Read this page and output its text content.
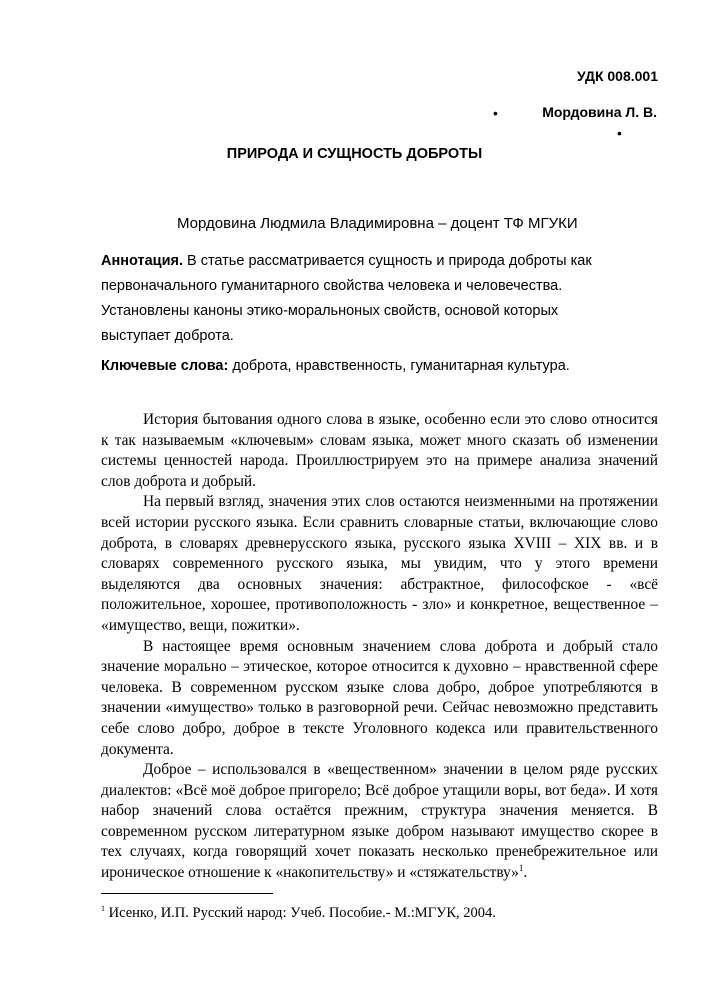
УДК 008.001
•	Мордовина Л. В.
•
ПРИРОДА И СУЩНОСТЬ ДОБРОТЫ
Мордовина Людмила Владимировна – доцент ТФ МГУКИ
Аннотация. В статье рассматривается сущность и природа доброты как первоначального гуманитарного свойства человека и человечества. Установлены каноны этико-моральноных свойств, основой которых выступает доброта.
Ключевые слова: доброта, нравственность, гуманитарная культура.

История бытования одного слова в языке, особенно если это слово относится к так называемым «ключевым» словам языка, может много сказать об изменении системы ценностей народа. Проиллюстрируем это на примере анализа значений слов доброта и добрый.

На первый взгляд, значения этих слов остаются неизменными на протяжении всей истории русского языка. Если сравнить словарные статьи, включающие слово доброта, в словарях древнерусского языка, русского языка XVIII – XIX вв. и в словарях современного русского языка, мы увидим, что у этого времени выделяются два основных значения: абстрактное, философское - «всё положительное, хорошее, противоположность - зло» и конкретное, вещественное – «имущество, вещи, пожитки».

В настоящее время основным значением слова доброта и добрый стало значение морально – этическое, которое относится к духовно – нравственной сфере человека. В современном русском языке слова добро, доброе употребляются в значении «имущество» только в разговорной речи. Сейчас невозможно представить себе слово добро, доброе в тексте Уголовного кодекса или правительственного документа.

Доброе – использовался в «вещественном» значении в целом ряде русских диалектов: «Всё моё доброе пригорело; Всё доброе утащили воры, вот беда». И хотя набор значений слова остаётся прежним, структура значения меняется. В современном русском литературном языке добром называют имущество скорее в тех случаях, когда говорящий хочет показать несколько пренебрежительное или ироническое отношение к «накопительству» и «стяжательству»$^1$.

$^1$ Исенко, И.П. Русский народ: Учеб. Пособие.- М.:МГУК, 2004.
